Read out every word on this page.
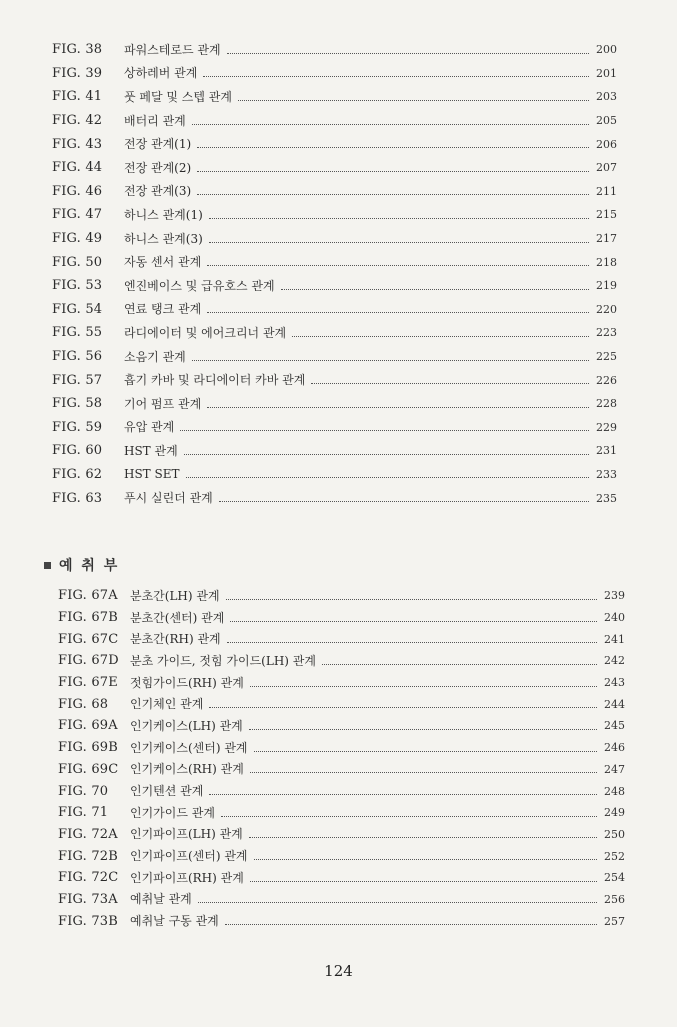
FIG. 38	파워스테로드 관계	200
FIG. 39	상하레버 관계	201
FIG. 41	풋 페달 및 스텝 관계	203
FIG. 42	배터리 관계	205
FIG. 43	전장 관계(1)	206
FIG. 44	전장 관계(2)	207
FIG. 46	전장 관계(3)	211
FIG. 47	하니스 관계(1)	215
FIG. 49	하니스 관계(3)	217
FIG. 50	자동 센서 관계	218
FIG. 53	엔진베이스 및 급유호스 관계	219
FIG. 54	연료 탱크 관계	220
FIG. 55	라디에이터 및 에어크리너 관계	223
FIG. 56	소음기 관계	225
FIG. 57	흡기 카바 및 라디에이터 카바 관계	226
FIG. 58	기어 펌프 관계	228
FIG. 59	유압 관계	229
FIG. 60	HST 관계	231
FIG. 62	HST SET	233
FIG. 63	푸시 실린더 관계	235
예 취 부
FIG. 67A	분초간(LH) 관계	239
FIG. 67B 분초간(센터) 관계	240
FIG. 67C 분초간(RH) 관계	241
FIG. 67D 분초 가이드, 젓힘 가이드(LH) 관계	242
FIG. 67E	젓힘가이드(RH) 관계	243
FIG. 68	인기체인 관계	244
FIG. 69A	인기케이스(LH) 관계	245
FIG. 69B 인기케이스(센터) 관계	246
FIG. 69C 인기케이스(RH) 관계	247
FIG. 70	인기텐션 관계	248
FIG. 71	인기가이드 관계	249
FIG. 72A	인기파이프(LH) 관계	250
FIG. 72B 인기파이프(센터) 관계	252
FIG. 72C 인기파이프(RH) 관계	254
FIG. 73A	예취날 관계	256
FIG. 73B 예취날 구동 관계	257
124
